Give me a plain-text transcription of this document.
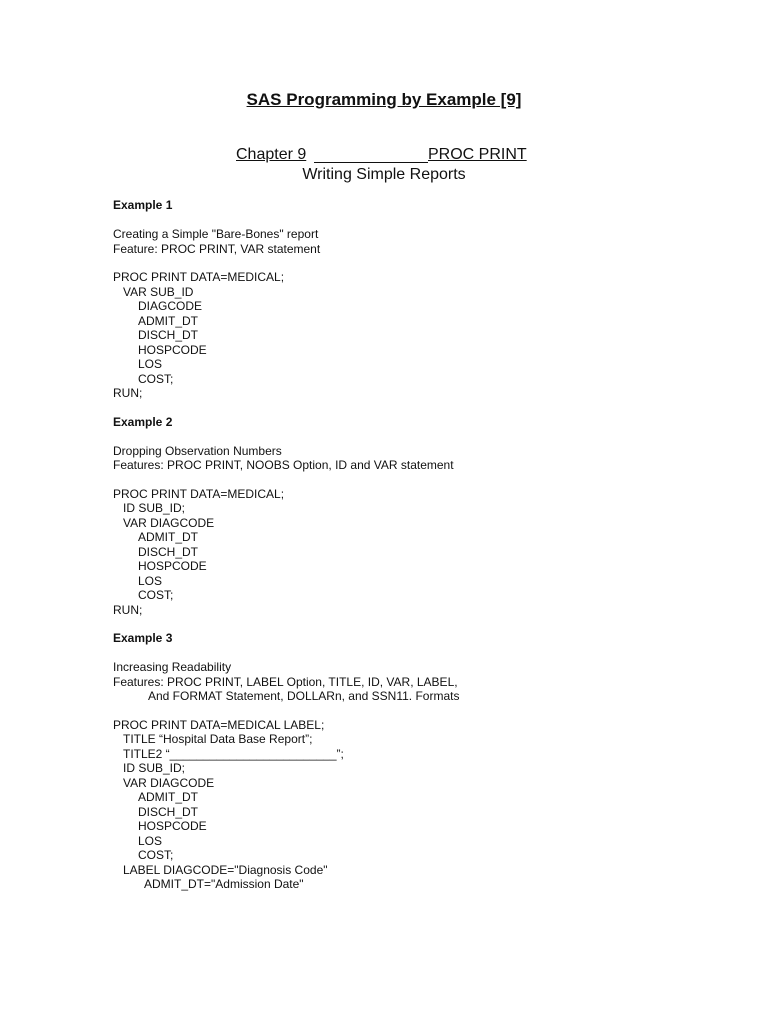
SAS Programming by Example [9]
Chapter 9	PROC PRINT
Writing Simple Reports

Example 1

Creating a Simple "Bare-Bones" report

Feature: PROC PRINT, VAR statement

PROC PRINT DATA=MEDICAL;

VAR SUB_ID

DIAGCODE

ADMIT_DT

DISCH_DT

HOSPCODE

LOS

COST;

RUN;

Example 2

Dropping Observation Numbers

Features: PROC PRINT, NOOBS Option, ID and VAR statement

PROC PRINT DATA=MEDICAL;

ID SUB_ID;

VAR DIAGCODE

ADMIT_DT

DISCH_DT

HOSPCODE

LOS

COST;

RUN;

Example 3

Increasing Readability

Features: PROC PRINT, LABEL Option, TITLE, ID, VAR, LABEL,

And FORMAT Statement, DOLLARn, and SSN11. Formats

PROC PRINT DATA=MEDICAL LABEL;

TITLE “Hospital Data Base Report”;

TITLE2 “_________________________”;

ID SUB_ID;

VAR DIAGCODE

ADMIT_DT

DISCH_DT

HOSPCODE

LOS

COST;

LABEL DIAGCODE="Diagnosis Code"

ADMIT_DT="Admission Date"
